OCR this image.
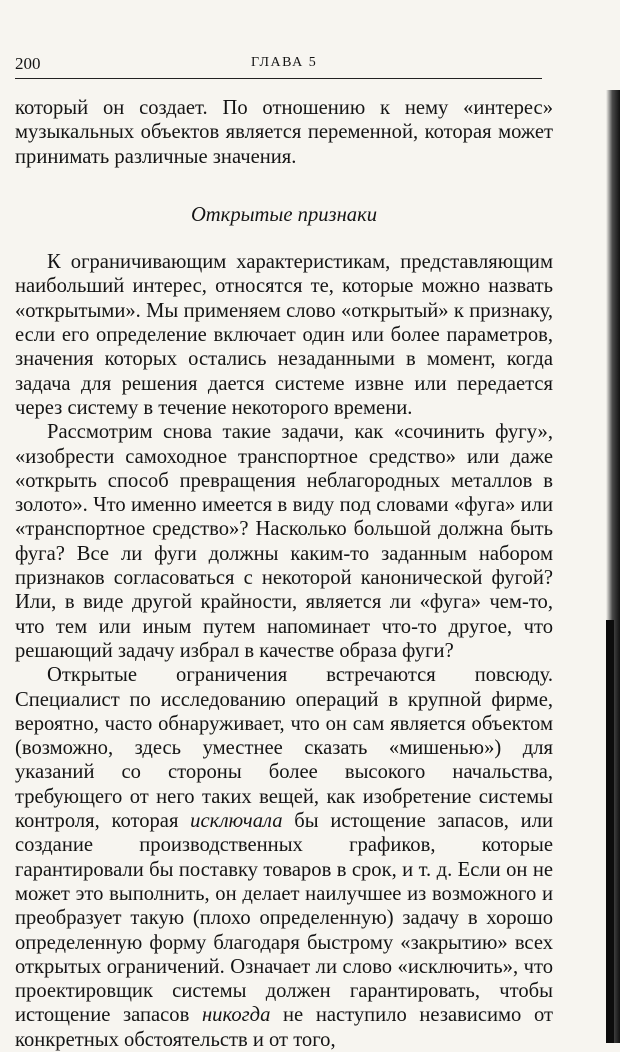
200	ГЛАВА 5

который он создает. По отношению к нему «интерес» музыкальных объектов является переменной, которая может принимать различные значения.

Открытые признаки

К ограничивающим характеристикам, представляющим наибольший интерес, относятся те, которые можно назвать «открытыми». Мы применяем слово «открытый» к признаку, если его определение включает один или более параметров, значения которых остались незаданными в момент, когда задача для решения дается системе извне или передается через систему в течение некоторого времени.

Рассмотрим снова такие задачи, как «сочинить фугу», «изобрести самоходное транспортное средство» или даже «открыть способ превращения неблагородных металлов в золото». Что именно имеется в виду под словами «фуга» или «транспортное средство»? Насколько большой должна быть фуга? Все ли фуги должны каким-то заданным набором признаков согласоваться с некоторой канонической фугой? Или, в виде другой крайности, является ли «фуга» чем-то, что тем или иным путем напоминает что-то другое, что решающий задачу избрал в качестве образа фуги?

Открытые ограничения встречаются повсюду. Специалист по исследованию операций в крупной фирме, вероятно, часто обнаруживает, что он сам является объектом (возможно, здесь уместнее сказать «мишенью») для указаний со стороны более высокого начальства, требующего от него таких вещей, как изобретение системы контроля, которая исключала бы истощение запасов, или создание производственных графиков, которые гарантировали бы поставку товаров в срок, и т. д. Если он не может это выполнить, он делает наилучшее из возможного и преобразует такую (плохо определенную) задачу в хорошо определенную форму благодаря быстрому «закрытию» всех открытых ограничений. Означает ли слово «исключить», что проектировщик системы должен гарантировать, чтобы истощение запасов никогда не наступило независимо от конкретных обстоятельств и от того,
